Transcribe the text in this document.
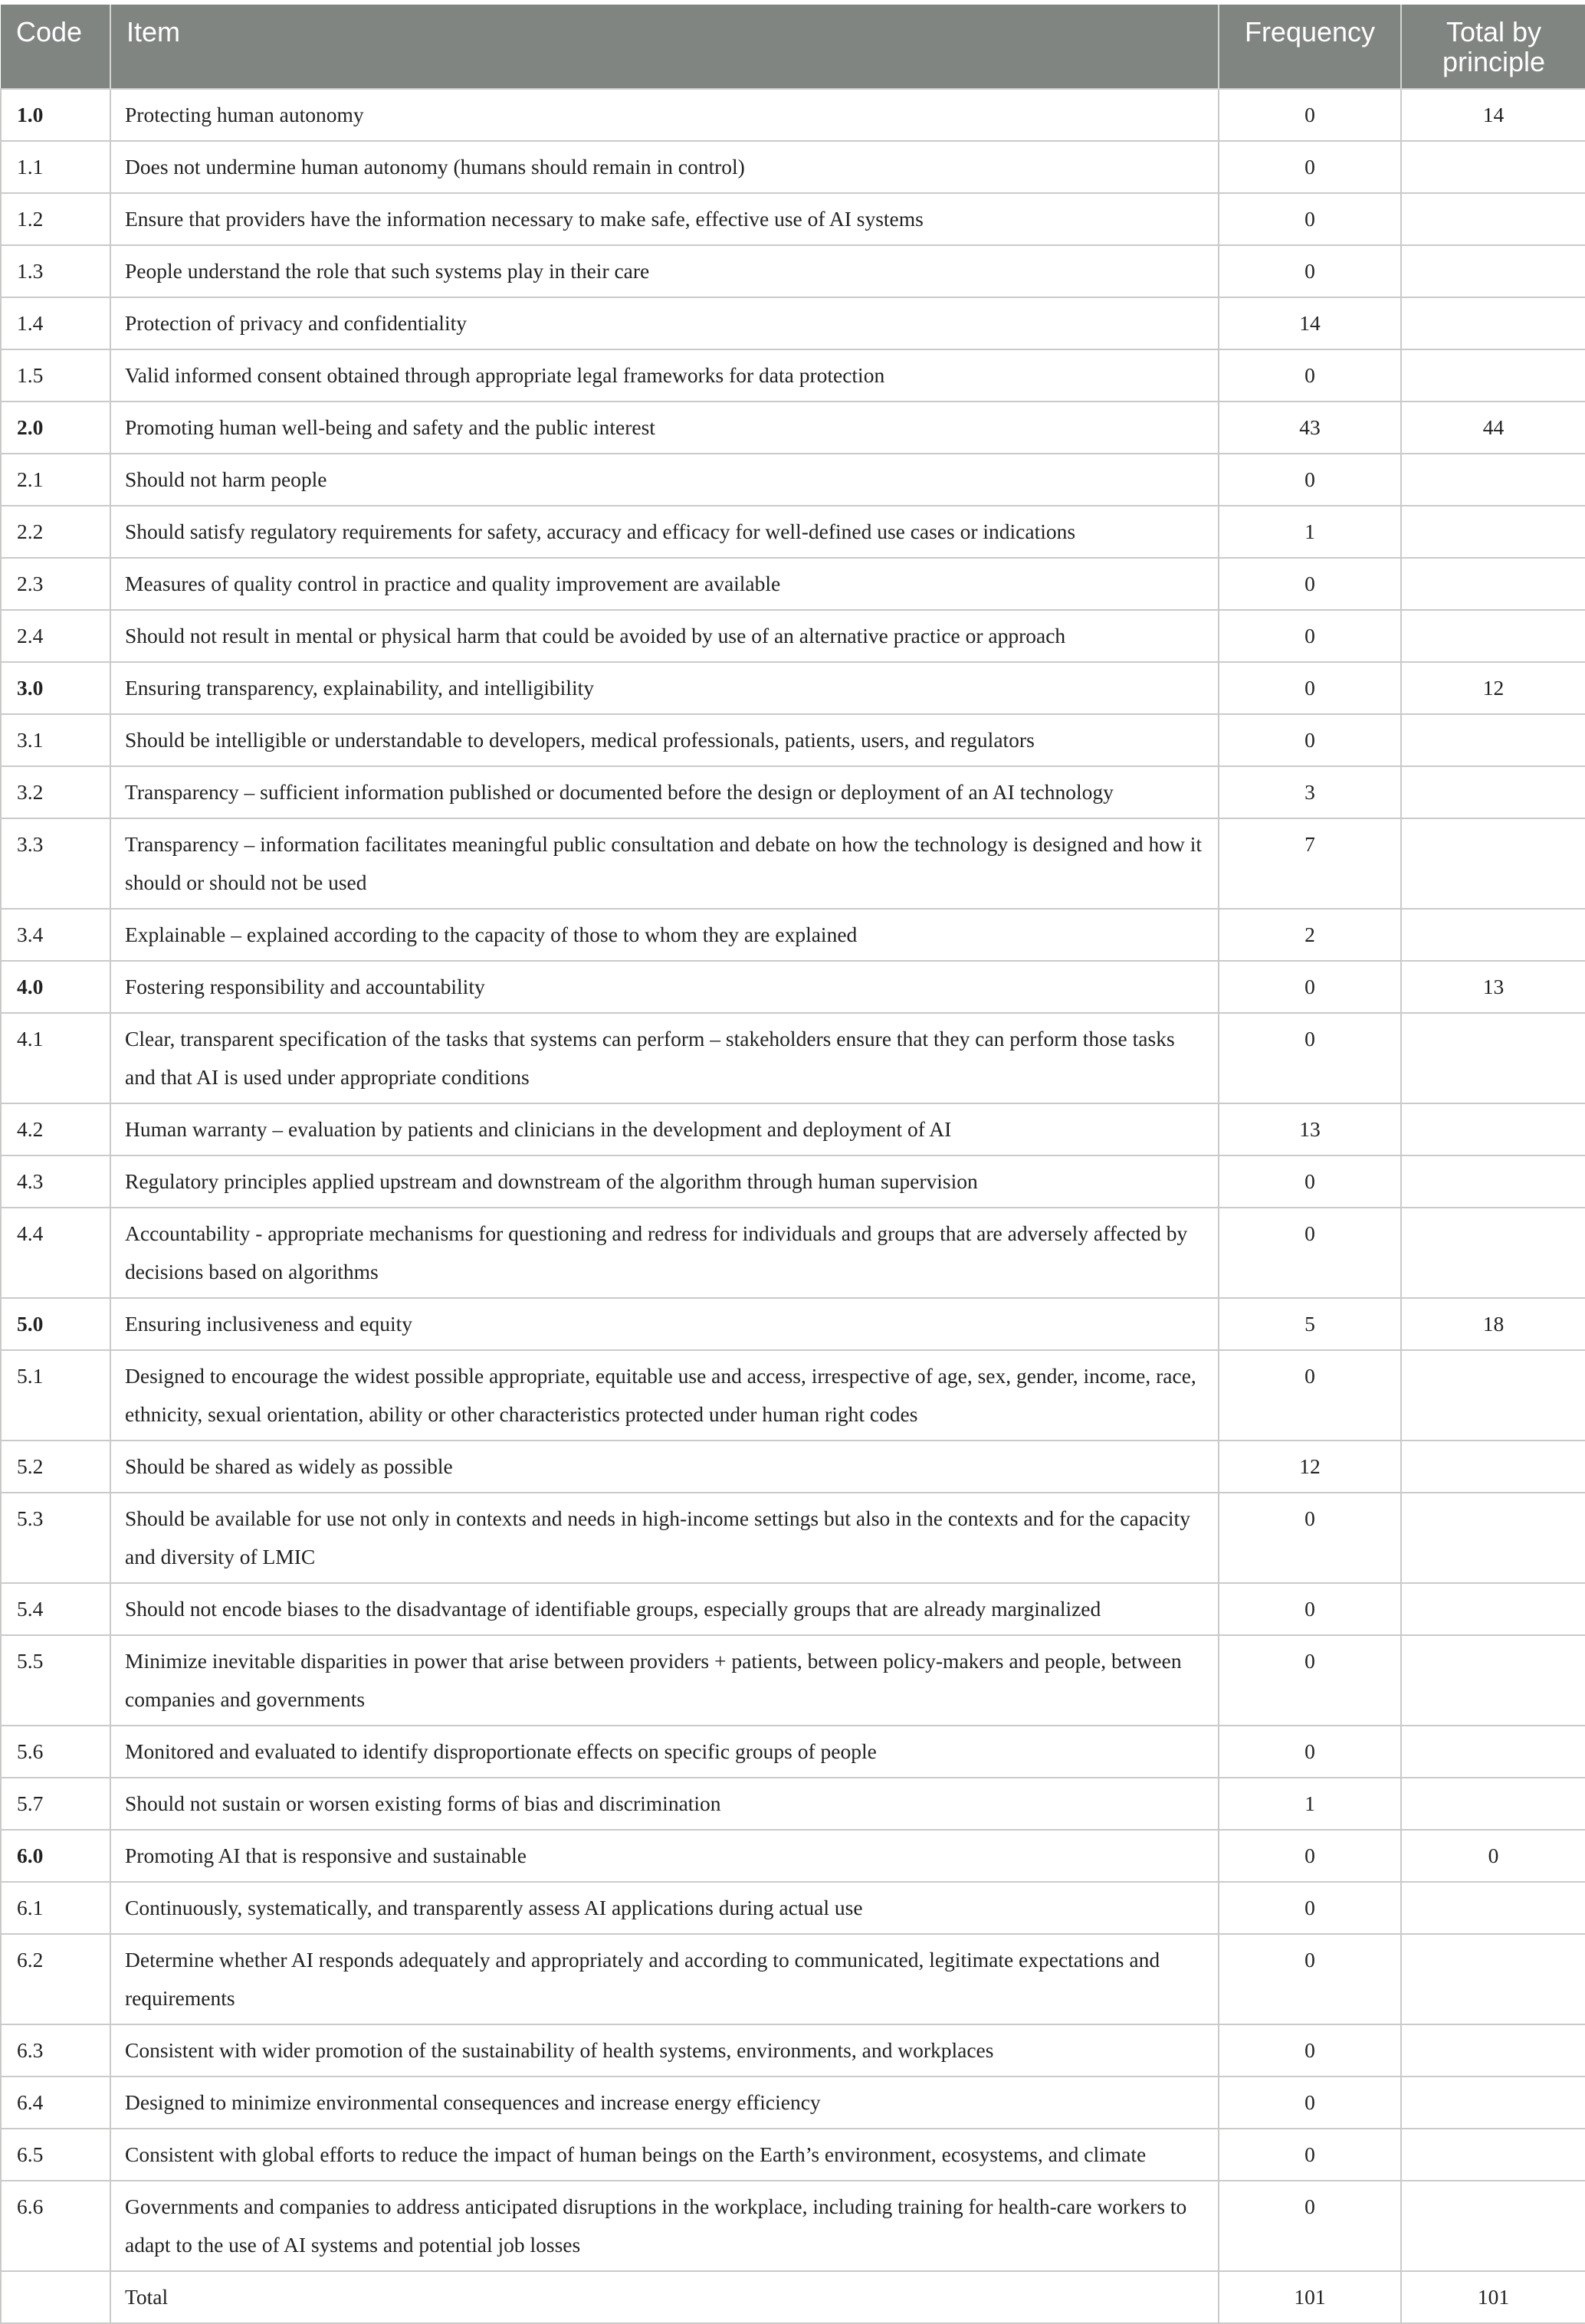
Code	Item	Frequency	Total by principle
1.0	Protecting human autonomy	0	14
1.1	Does not undermine human autonomy (humans should remain in control)	0	
1.2	Ensure that providers have the information necessary to make safe, effective use of AI systems	0	
1.3	People understand the role that such systems play in their care	0	
1.4	Protection of privacy and confidentiality	14	
1.5	Valid informed consent obtained through appropriate legal frameworks for data protection	0	
2.0	Promoting human well-being and safety and the public interest	43	44
2.1	Should not harm people	0	
2.2	Should satisfy regulatory requirements for safety, accuracy and efficacy for well-defined use cases or indications	1	
2.3	Measures of quality control in practice and quality improvement are available	0	
2.4	Should not result in mental or physical harm that could be avoided by use of an alternative practice or approach	0	
3.0	Ensuring transparency, explainability, and intelligibility	0	12
3.1	Should be intelligible or understandable to developers, medical professionals, patients, users, and regulators	0	
3.2	Transparency – sufficient information published or documented before the design or deployment of an AI technology	3	
3.3	Transparency – information facilitates meaningful public consultation and debate on how the technology is designed and how it should or should not be used	7	
3.4	Explainable – explained according to the capacity of those to whom they are explained	2	
4.0	Fostering responsibility and accountability	0	13
4.1	Clear, transparent specification of the tasks that systems can perform – stakeholders ensure that they can perform those tasks and that AI is used under appropriate conditions	0	
4.2	Human warranty – evaluation by patients and clinicians in the development and deployment of AI	13	
4.3	Regulatory principles applied upstream and downstream of the algorithm through human supervision	0	
4.4	Accountability - appropriate mechanisms for questioning and redress for individuals and groups that are adversely affected by decisions based on algorithms	0	
5.0	Ensuring inclusiveness and equity	5	18
5.1	Designed to encourage the widest possible appropriate, equitable use and access, irrespective of age, sex, gender, income, race, ethnicity, sexual orientation, ability or other characteristics protected under human right codes	0	
5.2	Should be shared as widely as possible	12	
5.3	Should be available for use not only in contexts and needs in high-income settings but also in the contexts and for the capacity and diversity of LMIC	0	
5.4	Should not encode biases to the disadvantage of identifiable groups, especially groups that are already marginalized	0	
5.5	Minimize inevitable disparities in power that arise between providers + patients, between policy-makers and people, between companies and governments	0	
5.6	Monitored and evaluated to identify disproportionate effects on specific groups of people	0	
5.7	Should not sustain or worsen existing forms of bias and discrimination	1	
6.0	Promoting AI that is responsive and sustainable	0	0
6.1	Continuously, systematically, and transparently assess AI applications during actual use	0	
6.2	Determine whether AI responds adequately and appropriately and according to communicated, legitimate expectations and requirements	0	
6.3	Consistent with wider promotion of the sustainability of health systems, environments, and workplaces	0	
6.4	Designed to minimize environmental consequences and increase energy efficiency	0	
6.5	Consistent with global efforts to reduce the impact of human beings on the Earth’s environment, ecosystems, and climate	0	
6.6	Governments and companies to address anticipated disruptions in the workplace, including training for health-care workers to adapt to the use of AI systems and potential job losses	0	
	Total	101	101
